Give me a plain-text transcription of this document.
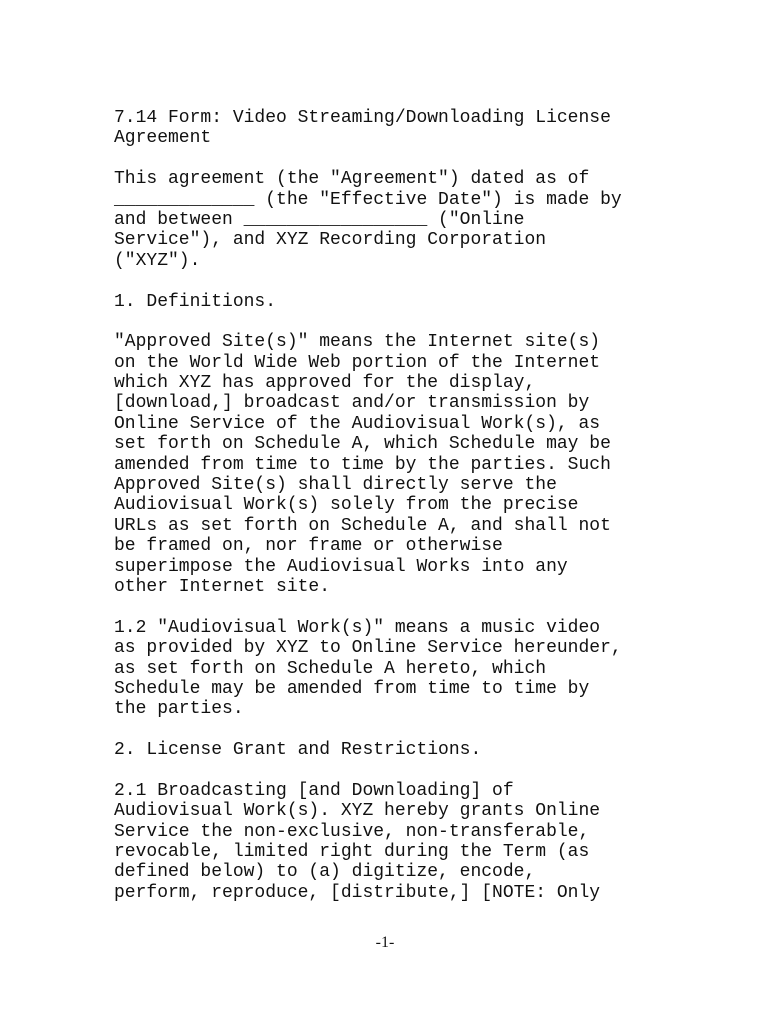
7.14 Form: Video Streaming/Downloading License
Agreement
This agreement (the "Agreement") dated as of
_____________ (the "Effective Date") is made by
and between _________________ ("Online
Service"), and XYZ Recording Corporation
("XYZ").
1. Definitions.
"Approved Site(s)" means the Internet site(s)
on the World Wide Web portion of the Internet
which XYZ has approved for the display,
[download,] broadcast and/or transmission by
Online Service of the Audiovisual Work(s), as
set forth on Schedule A, which Schedule may be
amended from time to time by the parties. Such
Approved Site(s) shall directly serve the
Audiovisual Work(s) solely from the precise
URLs as set forth on Schedule A, and shall not
be framed on, nor frame or otherwise
superimpose the Audiovisual Works into any
other Internet site.
1.2 "Audiovisual Work(s)" means a music video
as provided by XYZ to Online Service hereunder,
as set forth on Schedule A hereto, which
Schedule may be amended from time to time by
the parties.
2. License Grant and Restrictions.
2.1 Broadcasting [and Downloading] of
Audiovisual Work(s). XYZ hereby grants Online
Service the non-exclusive, non-transferable,
revocable, limited right during the Term (as
defined below) to (a) digitize, encode,
perform, reproduce, [distribute,] [NOTE: Only
-1-
